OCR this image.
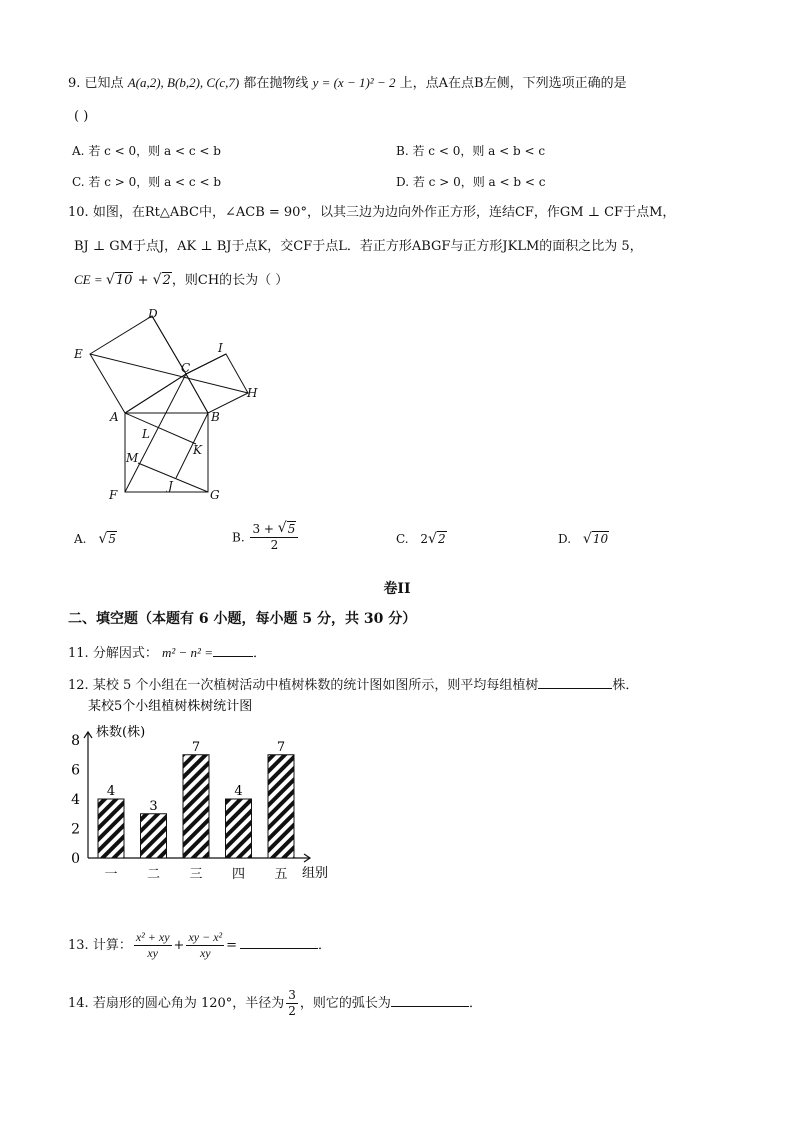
9. 已知点 A(a,2), B(b,2), C(c,7) 都在抛物线 y = (x − 1)² − 2 上，点A在点B左侧，下列选项正确的是
( )
A. 若 c < 0，则 a < c < b	B. 若 c < 0，则 a < b < c
C. 若 c > 0，则 a < c < b	D. 若 c > 0，则 a < b < c
10. 如图，在Rt△ABC中，∠ACB = 90°，以其三边为边向外作正方形，连结CF，作GM ⊥ CF于点M，
BJ ⊥ GM于点J，AK ⊥ BJ于点K，交CF于点L．若正方形ABGF与正方形JKLM的面积之比为 5，
CE = √ 10 + √ 2，则CH的长为（ ）
D
E	I
C
H
A	B
L
K
M
J
F	G
A. √ 5	B. $\frac{3 + √ 5}{2}$	C. 2 √ 2	D. √ 10
卷II
二、填空题（本题有 6 小题，每小题 5 分，共 30 分）
11. 分解因式： m² − n² =	．
12. 某校 5 个小组在一次植树活动中植树株数的统计图如图所示，则平均每组植树	株．
某校5个小组植树株树统计图
株数(株)
组别
0
2
4
6
8
一 二 三 四 五
4
3
7
4
7
13. 计算： $\frac{\text{x² + xy}}{xy} + \frac{\text{xy − x²}}{xy}$ =	．
14. 若扇形的圆心角为 120°，半径为 $\frac{3}{2}$ ，则它的弧长为	．
